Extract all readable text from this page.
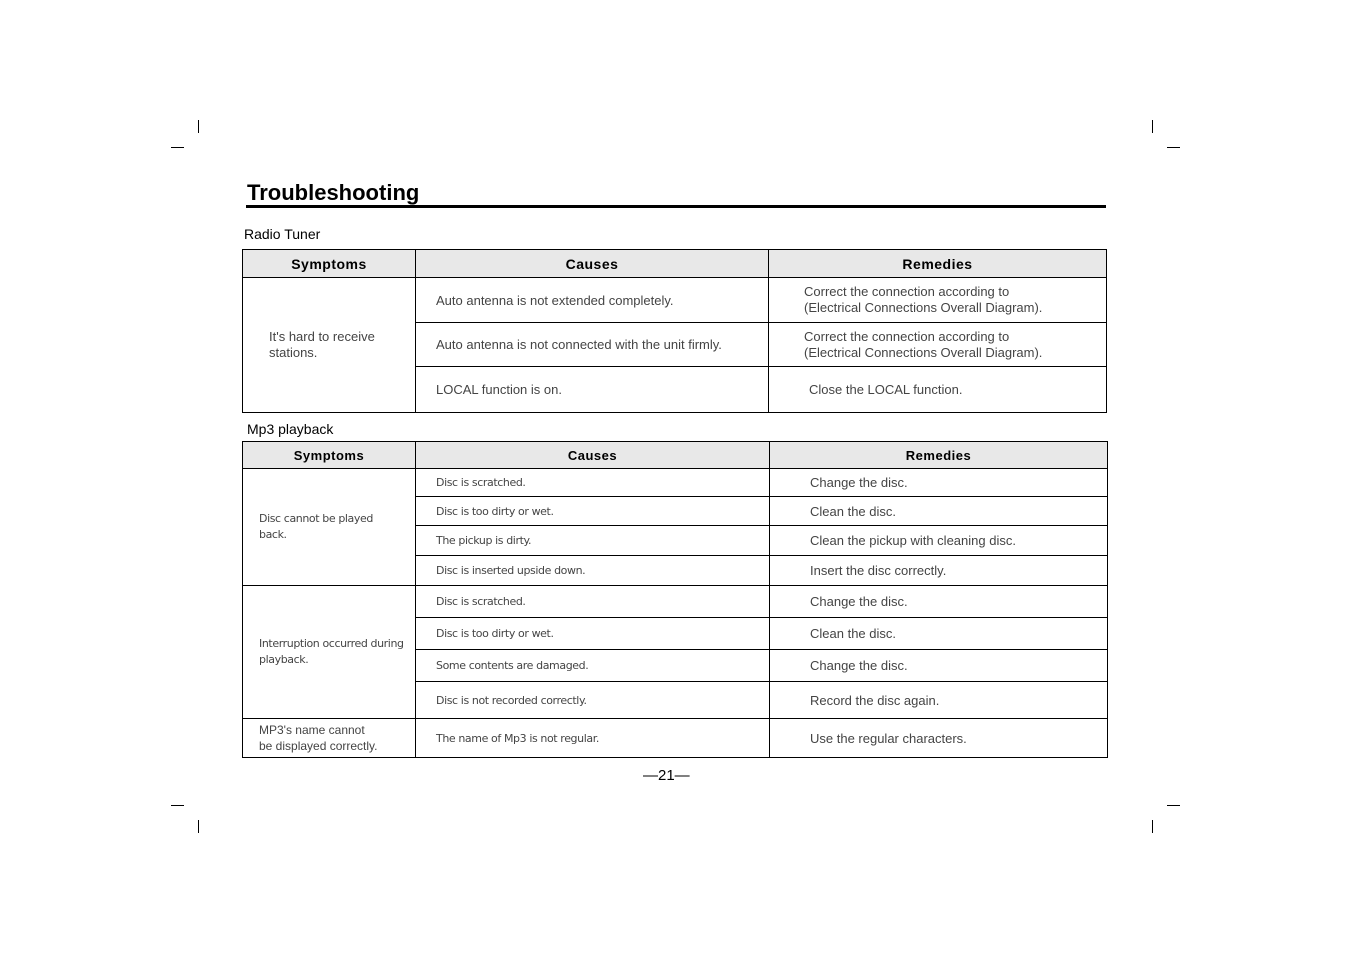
Troubleshooting
Radio Tuner
Symptoms	Causes	Remedies
It's hard to receive
stations.	Auto antenna is not extended completely.	Correct the connection according to
(Electrical Connections Overall Diagram).
	Auto antenna is not connected with the unit firmly.	Correct the connection according to
(Electrical Connections Overall Diagram).
	LOCAL function is on.	Close the LOCAL function.
Mp3 playback
Symptoms	Causes	Remedies
Disc cannot be played
back.	Disc is scratched.	Change the disc.
	Disc is too dirty or wet.	Clean the disc.
	The pickup is dirty.	Clean the pickup with cleaning disc.
	Disc is inserted upside down.	Insert the disc correctly.
Interruption occurred during
playback.	Disc is scratched.	Change the disc.
	Disc is too dirty or wet.	Clean the disc.
	Some contents are damaged.	Change the disc.
	Disc is not recorded correctly.	Record the disc again.
MP3's name cannot
be displayed correctly.	The name of Mp3 is not regular.	Use the regular characters.
—21—
